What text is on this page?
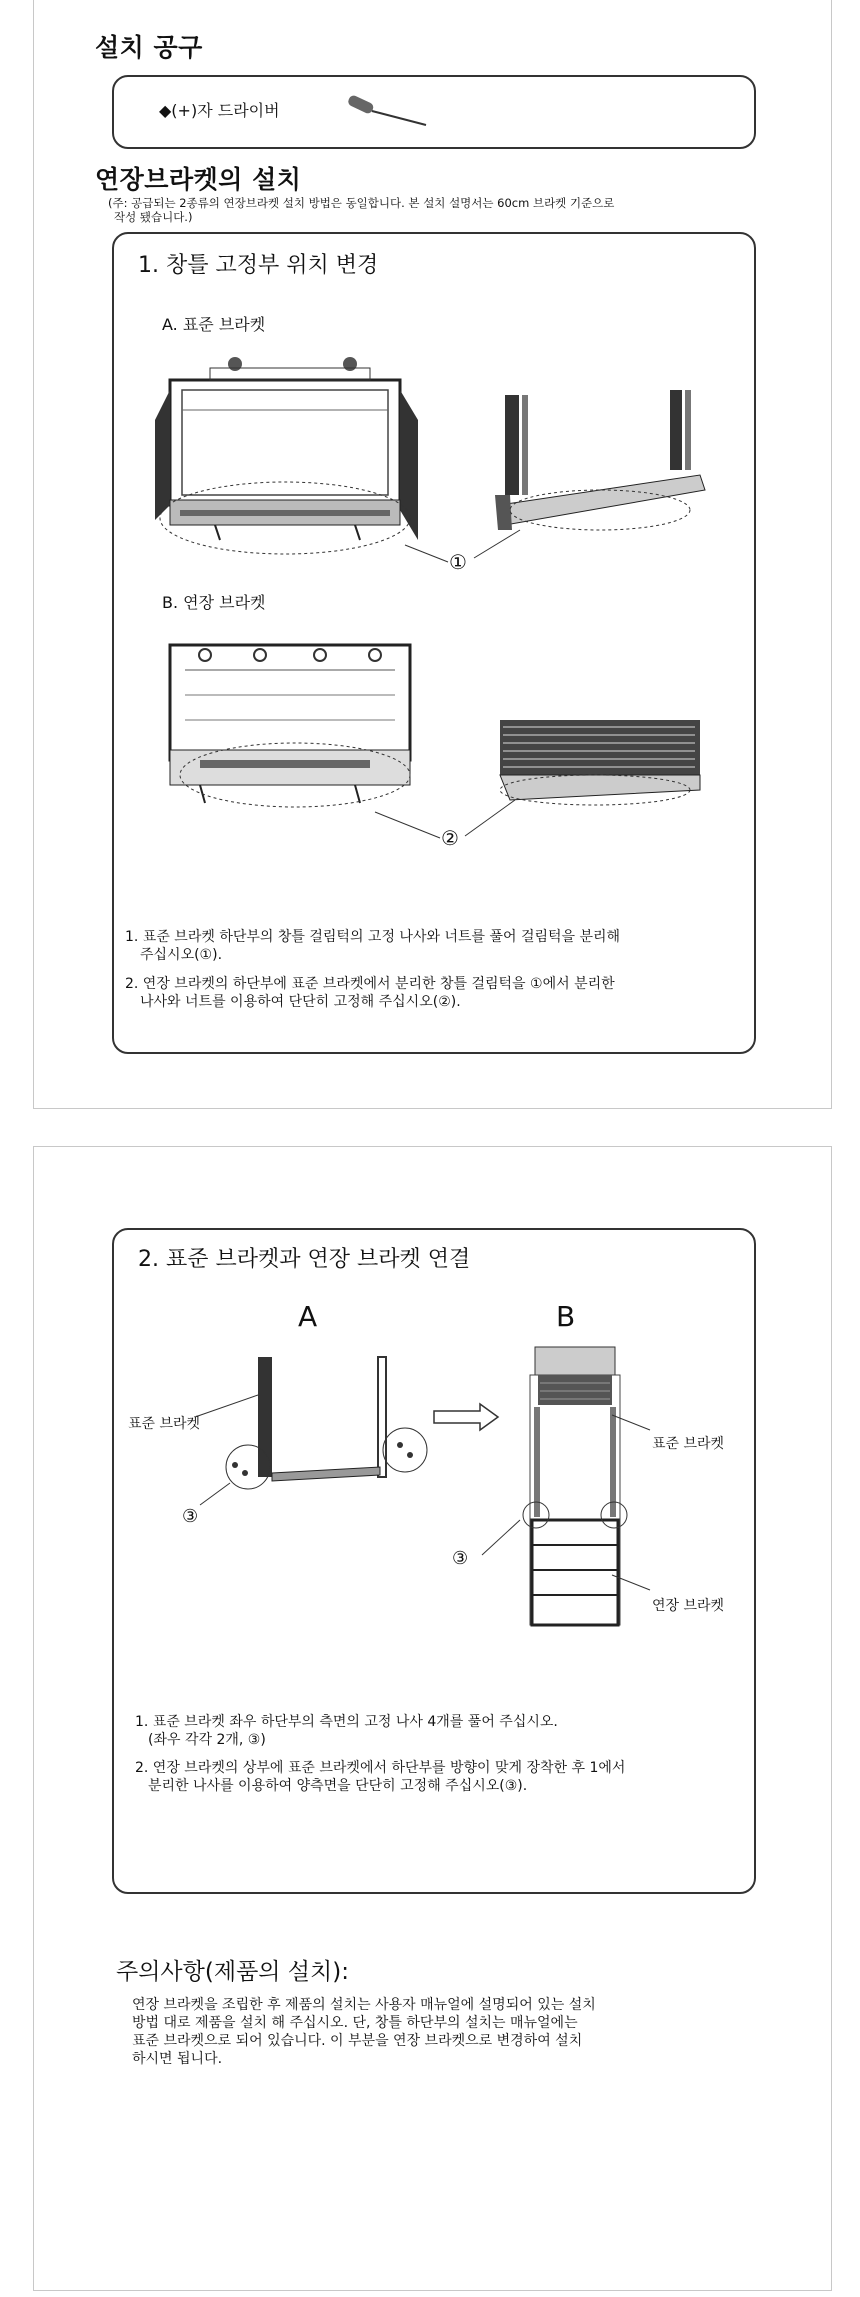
설치 공구
◆(+)자 드라이버
연장브라켓의 설치
(주: 공급되는 2종류의 연장브라켓 설치 방법은 동일합니다. 본 설치 설명서는 60cm 브라켓 기준으로
작성 됐습니다.)
1. 창틀 고정부 위치 변경
A. 표준 브라켓
①
B. 연장 브라켓
②
1. 표준 브라켓 하단부의 창틀 걸림턱의 고정 나사와 너트를 풀어 걸림턱을 분리해
주십시오(①).
2. 연장 브라켓의 하단부에 표준 브라켓에서 분리한 창틀 걸림턱을 ①에서 분리한
나사와 너트를 이용하여 단단히 고정해 주십시오(②).
2. 표준 브라켓과 연장 브라켓 연결
A	B
표준 브라켓
③
표준 브라켓
연장 브라켓
③
1. 표준 브라켓 좌우 하단부의 측면의 고정 나사 4개를 풀어 주십시오.
(좌우 각각 2개, ③)
2. 연장 브라켓의 상부에 표준 브라켓에서 하단부를 방향이 맞게 장착한 후 1에서
분리한 나사를 이용하여 양측면을 단단히 고정해 주십시오(③).
주의사항(제품의 설치):
연장 브라켓을 조립한 후 제품의 설치는 사용자 매뉴얼에 설명되어 있는 설치
방법 대로 제품을 설치 해 주십시오. 단, 창틀 하단부의 설치는 매뉴얼에는
표준 브라켓으로 되어 있습니다. 이 부분을 연장 브라켓으로 변경하여 설치
하시면 됩니다.
